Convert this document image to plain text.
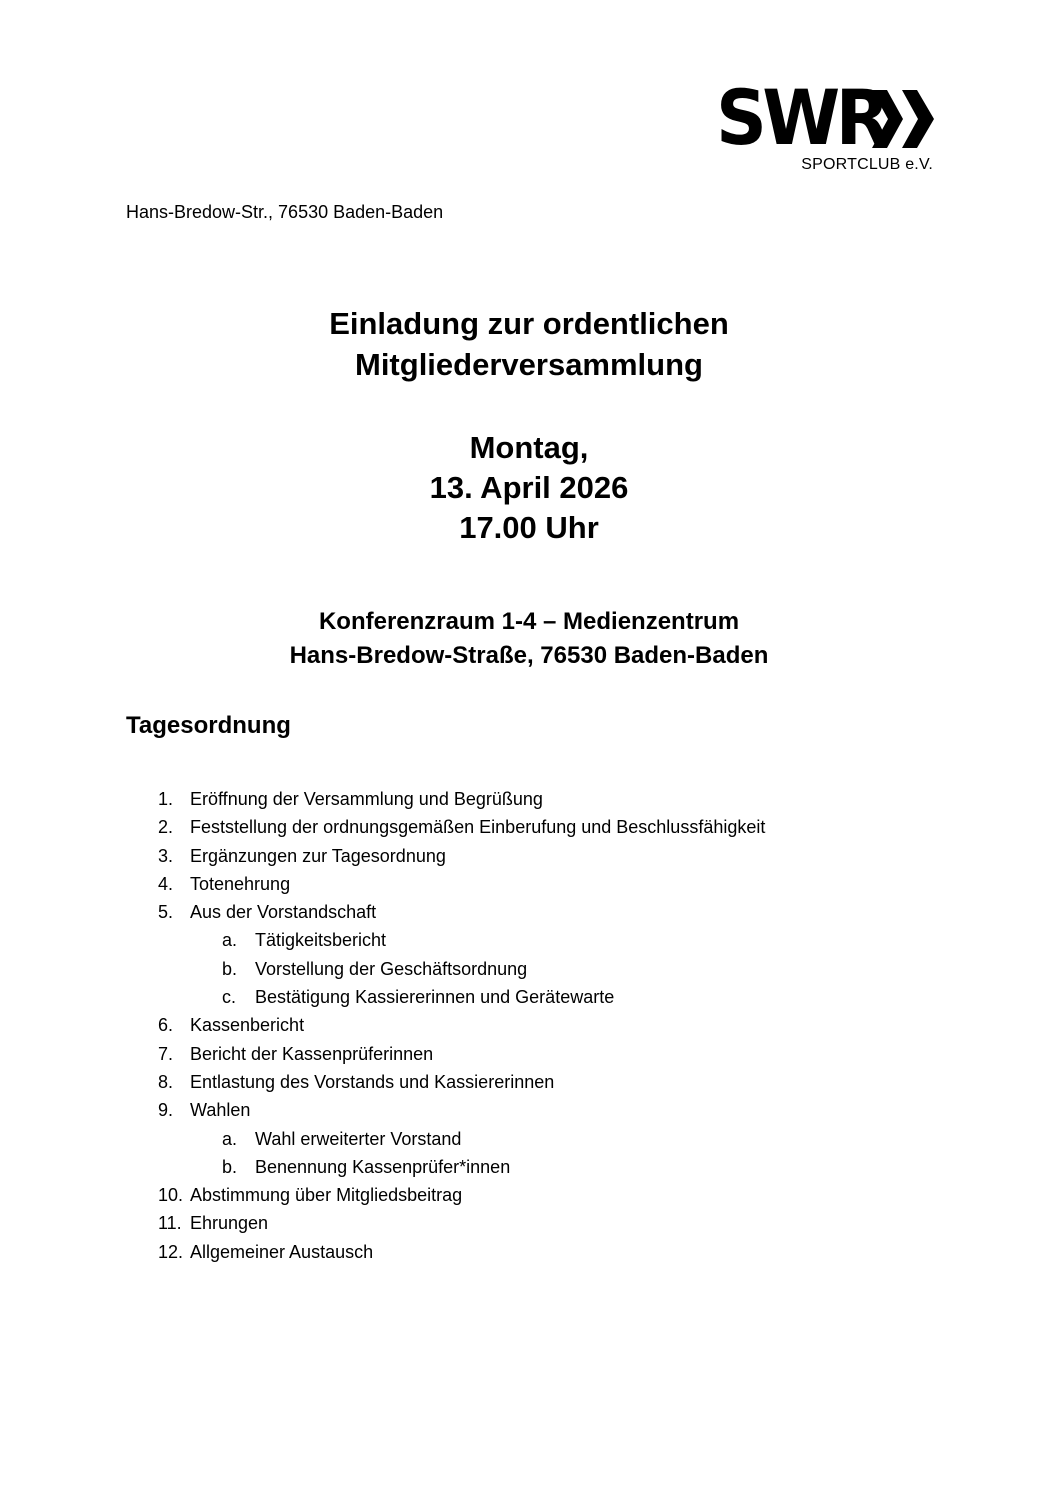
SWR
SPORTCLUB e.V.
Hans-Bredow-Str., 76530 Baden-Baden
Einladung zur ordentlichen
Mitgliederversammlung
Montag,
13. April 2026
17.00 Uhr
Konferenzraum 1-4 – Medienzentrum
Hans-Bredow-Straße, 76530 Baden-Baden
Tagesordnung
1. Eröffnung der Versammlung und Begrüßung
2. Feststellung der ordnungsgemäßen Einberufung und Beschlussfähigkeit
3. Ergänzungen zur Tagesordnung
4. Totenehrung
5. Aus der Vorstandschaft
a. Tätigkeitsbericht
b. Vorstellung der Geschäftsordnung
c. Bestätigung Kassiererinnen und Gerätewarte
6. Kassenbericht
7. Bericht der Kassenprüferinnen
8. Entlastung des Vorstands und Kassiererinnen
9. Wahlen
a. Wahl erweiterter Vorstand
b. Benennung Kassenprüfer*innen
10. Abstimmung über Mitgliedsbeitrag
11. Ehrungen
12. Allgemeiner Austausch
